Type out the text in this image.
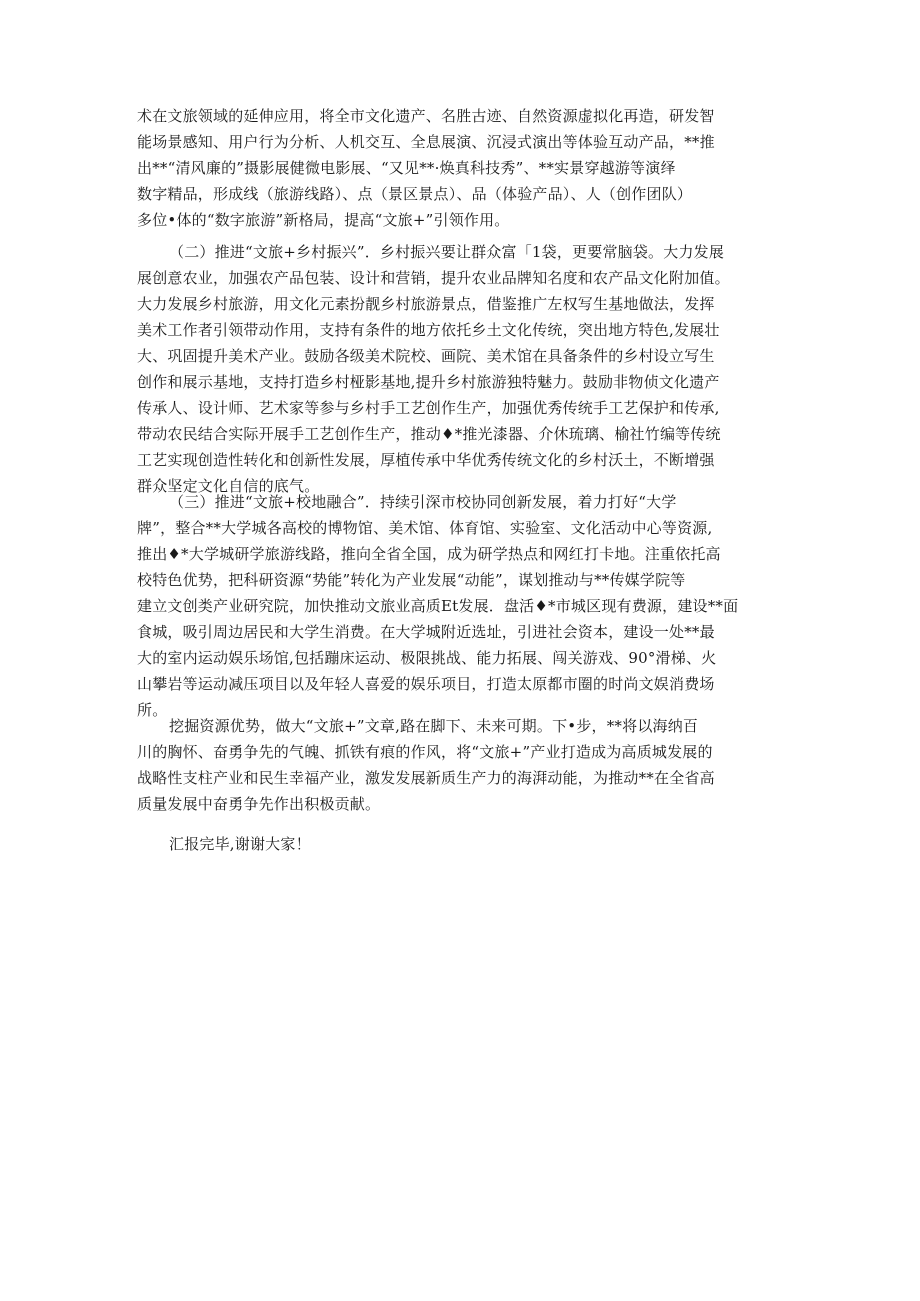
术在文旅领域的延伸应用，将全市文化遗产、名胜古迹、自然资源虚拟化再造，研发智
能场景感知、用户行为分析、人机交互、全息展演、沉浸式演出等体验互动产品，**推
出**“清风廉的”摄影展健微电影展、“又见**·焕真科技秀”、**实景穿越游等演绎
数字精品，形成线（旅游线路）、点（景区景点）、品（体验产品）、人（创作团队）
多位•体的“数字旅游”新格局，提高“文旅+”引领作用。
（二）推进“文旅+乡村振兴”．乡村振兴要让群众富「1袋，更要常脑袋。大力发展
展创意农业，加强农产品包装、设计和营销，提升农业品牌知名度和农产品文化附加值。
大力发展乡村旅游，用文化元素扮靓乡村旅游景点，借鉴推广左权写生基地做法，发挥
美术工作者引领带动作用，支持有条件的地方依托乡土文化传统，突出地方特色,发展壮
大、巩固提升美术产业。鼓励各级美术院校、画院、美术馆在具备条件的乡村设立写生
创作和展示基地，支持打造乡村桠影基地,提升乡村旅游独特魅力。鼓励非物侦文化遗产
传承人、设计师、艺术家等参与乡村手工艺创作生产，加强优秀传统手工艺保护和传承,
带动农民结合实际开展手工艺创作生产，推动♦*推光漆器、介休琉璃、榆社竹编等传统
工艺实现创造性转化和创新性发展，厚植传承中华优秀传统文化的乡村沃土，不断增强
群众坚定文化自信的底气。
（三）推进“文旅+校地融合”．持续引深市校协同创新发展，着力打好“大学
牌”，整合**大学城各高校的博物馆、美术馆、体育馆、实验室、文化活动中心等资源,
推出♦*大学城研学旅游线路，推向全省全国，成为研学热点和网红打卡地。注重依托高
校特色优势，把科研资源“势能”转化为产业发展“动能”，谋划推动与**传媒学院等
建立文创类产业研究院，加快推动文旅业高质Et发展．盘活♦*市城区现有费源，建设**面
食城，吸引周边居民和大学生消费。在大学城附近选址，引进社会资本，建设一处**最
大的室内运动娱乐场馆,包括蹦床运动、极限挑战、能力拓展、闯关游戏、90°滑梯、火
山攀岩等运动减压项目以及年轻人喜爱的娱乐项目，打造太原都市圈的时尚文娱消费场
所。
挖掘资源优势，做大“文旅+”文章,路在脚下、未来可期。下•步，**将以海纳百
川的胸怀、奋勇争先的气魄、抓铁有痕的作风，将“文旅+”产业打造成为高质城发展的
战略性支柱产业和民生幸福产业，激发发展新质生产力的海湃动能，为推动**在全省高
质量发展中奋勇争先作出积极贡献。
汇报完毕,谢谢大家！
